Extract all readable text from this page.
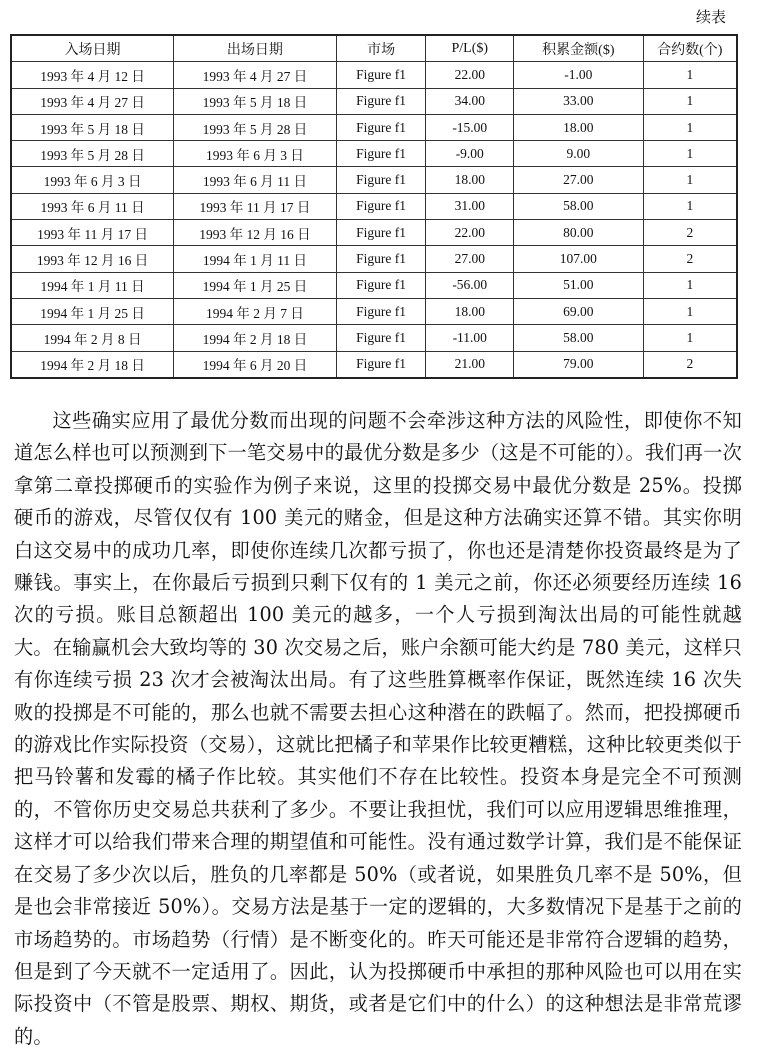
续表
入场日期	出场日期	市场	P/L($)	积累金额($)	合约数(个)
1993 年 4 月 12 日	1993 年 4 月 27 日	Figure f1	22.00	-1.00	1
1993 年 4 月 27 日	1993 年 5 月 18 日	Figure f1	34.00	33.00	1
1993 年 5 月 18 日	1993 年 5 月 28 日	Figure f1	-15.00	18.00	1
1993 年 5 月 28 日	1993 年 6 月 3 日	Figure f1	-9.00	9.00	1
1993 年 6 月 3 日	1993 年 6 月 11 日	Figure f1	18.00	27.00	1
1993 年 6 月 11 日	1993 年 11 月 17 日	Figure f1	31.00	58.00	1
1993 年 11 月 17 日	1993 年 12 月 16 日	Figure f1	22.00	80.00	2
1993 年 12 月 16 日	1994 年 1 月 11 日	Figure f1	27.00	107.00	2
1994 年 1 月 11 日	1994 年 1 月 25 日	Figure f1	-56.00	51.00	1
1994 年 1 月 25 日	1994 年 2 月 7 日	Figure f1	18.00	69.00	1
1994 年 2 月 8 日	1994 年 2 月 18 日	Figure f1	-11.00	58.00	1
1994 年 2 月 18 日	1994 年 6 月 20 日	Figure f1	21.00	79.00	2

这些确实应用了最优分数而出现的问题不会牵涉这种方法的风险性，即使你不知道怎么样也可以预测到下一笔交易中的最优分数是多少（这是不可能的）。我们再一次拿第二章投掷硬币的实验作为例子来说，这里的投掷交易中最优分数是 25%。投掷硬币的游戏，尽管仅仅有 100 美元的赌金，但是这种方法确实还算不错。其实你明白这交易中的成功几率，即使你连续几次都亏损了，你也还是清楚你投资最终是为了赚钱。事实上，在你最后亏损到只剩下仅有的 1 美元之前，你还必须要经历连续 16 次的亏损。账目总额超出 100 美元的越多，一个人亏损到淘汰出局的可能性就越大。在输赢机会大致均等的 30 次交易之后，账户余额可能大约是 780 美元，这样只有你连续亏损 23 次才会被淘汰出局。有了这些胜算概率作保证，既然连续 16 次失败的投掷是不可能的，那么也就不需要去担心这种潜在的跌幅了。然而，把投掷硬币的游戏比作实际投资（交易），这就比把橘子和苹果作比较更糟糕，这种比较更类似于把马铃薯和发霉的橘子作比较。其实他们不存在比较性。投资本身是完全不可预测的，不管你历史交易总共获利了多少。不要让我担忧，我们可以应用逻辑思维推理，这样才可以给我们带来合理的期望值和可能性。没有通过数学计算，我们是不能保证在交易了多少次以后，胜负的几率都是 50%（或者说，如果胜负几率不是 50%，但是也会非常接近 50%）。交易方法是基于一定的逻辑的，大多数情况下是基于之前的市场趋势的。市场趋势（行情）是不断变化的。昨天可能还是非常符合逻辑的趋势，但是到了今天就不一定适用了。因此，认为投掷硬币中承担的那种风险也可以用在实际投资中（不管是股票、期权、期货，或者是它们中的什么）的这种想法是非常荒谬的。
